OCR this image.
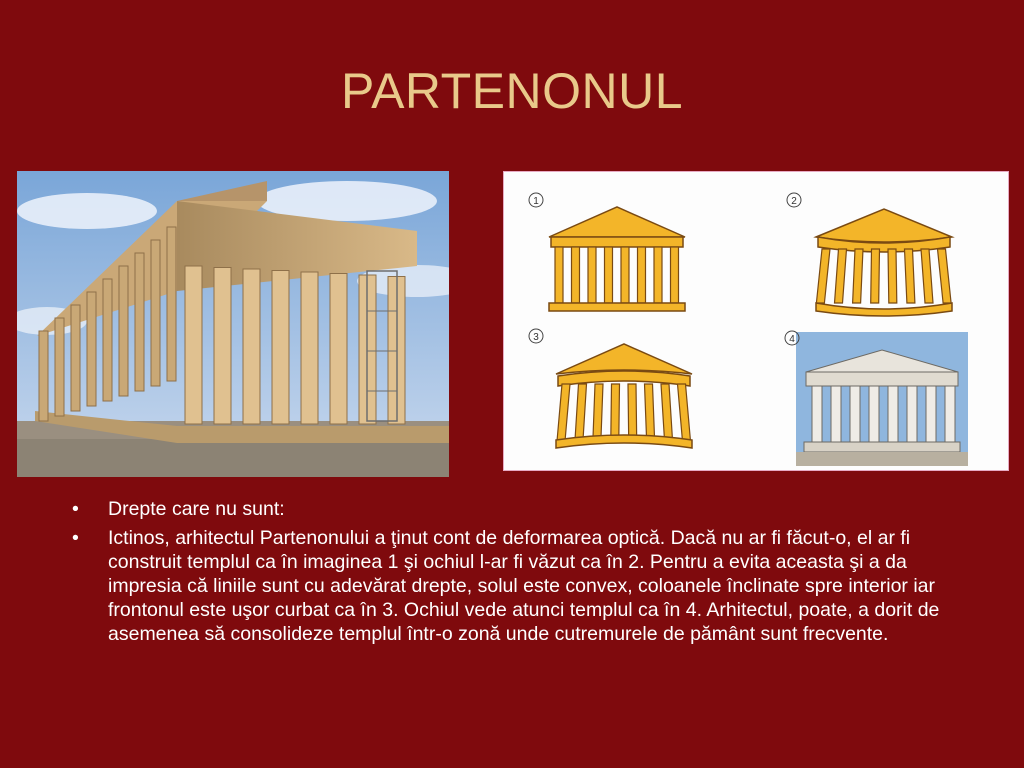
PARTENONUL
1	2
3	4
• Drepte care nu sunt:
• Ictinos, arhitectul Partenonului a ţinut cont de deformarea optică. Dacă nu ar fi făcut-o, el ar fi construit templul ca în imaginea 1 şi ochiul l-ar fi văzut ca în 2. Pentru a evita aceasta şi a da impresia că liniile sunt cu adevărat drepte, solul este convex, coloanele înclinate spre interior iar frontonul este uşor curbat ca în 3. Ochiul vede atunci templul ca în 4. Arhitectul, poate, a dorit de asemenea să consolideze templul într-o zonă unde cutremurele de pământ sunt frecvente.
